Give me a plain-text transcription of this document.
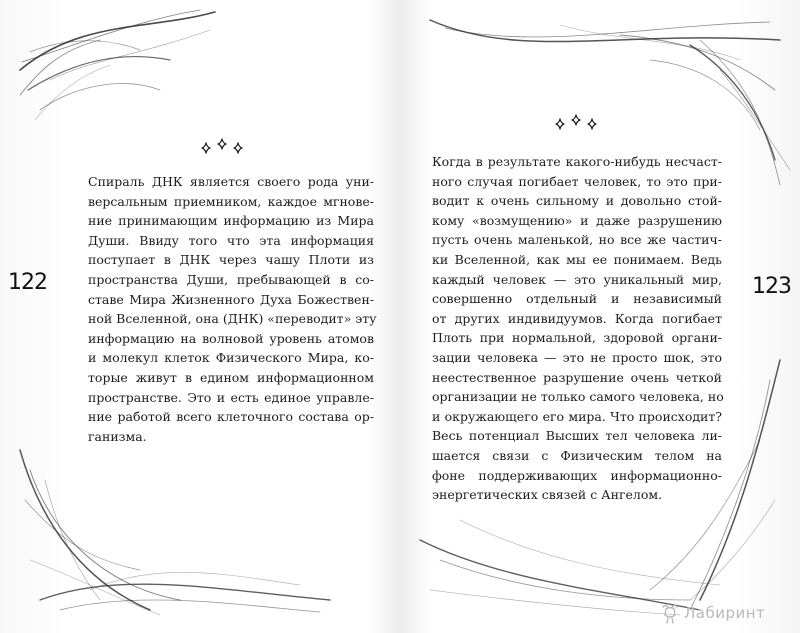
122	123
Спираль ДНК является своего рода уни-
версальным приемником, каждое мгнове-
ние принимающим информацию из Мира
Души. Ввиду того что эта информация
поступает в ДНК через чашу Плоти из
пространства Души, пребывающей в со-
ставе Мира Жизненного Духа Божествен-
ной Вселенной, она (ДНК) «переводит» эту
информацию на волновой уровень атомов
и молекул клеток Физического Мира, ко-
торые живут в едином информационном
пространстве. Это и есть единое управле-
ние работой всего клеточного состава ор-
ганизма.
Когда в результате какого-нибудь несчаст-
ного случая погибает человек, то это при-
водит к очень сильному и довольно стой-
кому «возмущению» и даже разрушению
пусть очень маленькой, но все же частич-
ки Вселенной, как мы ее понимаем. Ведь
каждый человек — это уникальный мир,
совершенно отдельный и независимый
от других индивидуумов. Когда погибает
Плоть при нормальной, здоровой органи-
зации человека — это не просто шок, это
неестественное разрушение очень четкой
организации не только самого человека, но
и окружающего его мира. Что происходит?
Весь потенциал Высших тел человека ли-
шается связи с Физическим телом на
фоне поддерживающих информационно-
энергетических связей с Ангелом.
Лабиринт
